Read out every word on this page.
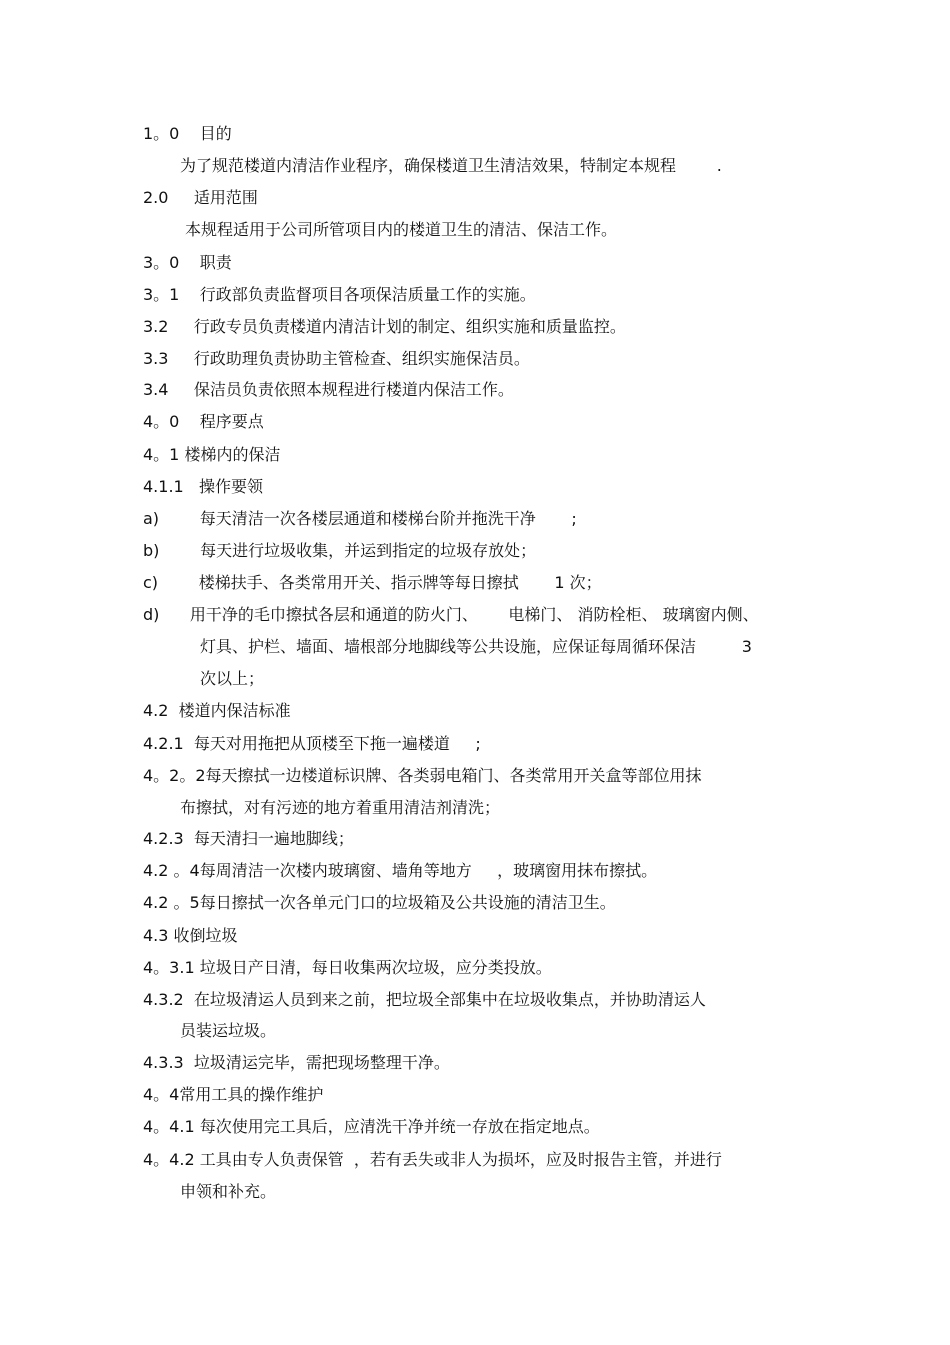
1。0    目的
为了规范楼道内清洁作业程序，确保楼道卫生清洁效果，特制定本规程        .
2.0     适用范围
本规程适用于公司所管项目内的楼道卫生的清洁、保洁工作。
3。0    职责
3。1    行政部负责监督项目各项保洁质量工作的实施。
3.2     行政专员负责楼道内清洁计划的制定、组织实施和质量监控。
3.3     行政助理负责协助主管检查、组织实施保洁员。
3.4     保洁员负责依照本规程进行楼道内保洁工作。
4。0    程序要点
4。1 楼梯内的保洁
4.1.1   操作要领
a)        每天清洁一次各楼层通道和楼梯台阶并拖洗干净       ;
b)        每天进行垃圾收集，并运到指定的垃圾存放处；
c)        楼梯扶手、各类常用开关、指示牌等每日擦拭       1 次；
d)      用干净的毛巾擦拭各层和通道的防火门、      电梯门、 消防栓柜、 玻璃窗内侧、
灯具、护栏、墙面、墙根部分地脚线等公共设施，应保证每周循环保洁         3
次以上；
4.2  楼道内保洁标准
4.2.1  每天对用拖把从顶楼至下拖一遍楼道     ;
4。2。2每天擦拭一边楼道标识牌、各类弱电箱门、各类常用开关盒等部位用抹
布擦拭，对有污迹的地方着重用清洁剂清洗；
4.2.3  每天清扫一遍地脚线；
4.2 。4每周清洁一次楼内玻璃窗、墙角等地方     ，玻璃窗用抹布擦拭。
4.2 。5每日擦拭一次各单元门口的垃圾箱及公共设施的清洁卫生。
4.3 收倒垃圾
4。3.1 垃圾日产日清，每日收集两次垃圾，应分类投放。
4.3.2  在垃圾清运人员到来之前，把垃圾全部集中在垃圾收集点，并协助清运人
员装运垃圾。
4.3.3  垃圾清运完毕，需把现场整理干净。
4。4常用工具的操作维护
4。4.1 每次使用完工具后，应清洗干净并统一存放在指定地点。
4。4.2 工具由专人负责保管  ，若有丢失或非人为损坏，应及时报告主管，并进行
申领和补充。
